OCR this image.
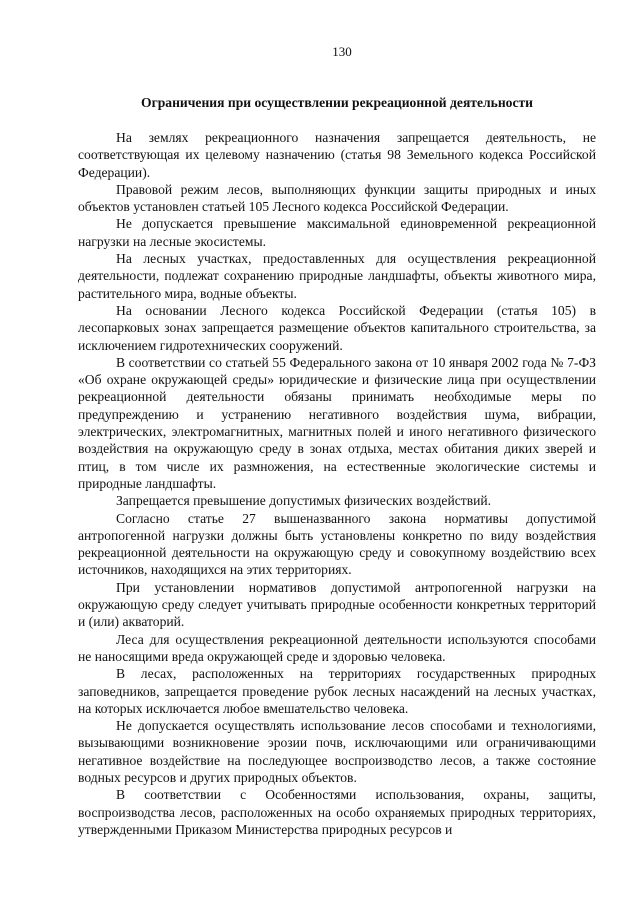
130
Ограничения при осуществлении рекреационной деятельности

На землях рекреационного назначения запрещается деятельность, не соответствующая их целевому назначению (статья 98 Земельного кодекса Российской Федерации).

Правовой режим лесов, выполняющих функции защиты природных и иных объектов установлен статьей 105 Лесного кодекса Российской Федерации.

Не допускается превышение максимальной единовременной рекреационной нагрузки на лесные экосистемы.

На лесных участках, предоставленных для осуществления рекреационной деятельности, подлежат сохранению природные ландшафты, объекты животного мира, растительного мира, водные объекты.

На основании Лесного кодекса Российской Федерации (статья 105) в лесопарковых зонах запрещается размещение объектов капитального строительства, за исключением гидротехнических сооружений.

В соответствии со статьей 55 Федерального закона от 10 января 2002 года № 7-ФЗ «Об охране окружающей среды» юридические и физические лица при осуществлении рекреационной деятельности обязаны принимать необходимые меры по предупреждению и устранению негативного воздействия шума, вибрации, электрических, электромагнитных, магнитных полей и иного негативного физического воздействия на окружающую среду в зонах отдыха, местах обитания диких зверей и птиц, в том числе их размножения, на естественные экологические системы и природные ландшафты.

Запрещается превышение допустимых физических воздействий.

Согласно статье 27 вышеназванного закона нормативы допустимой антропогенной нагрузки должны быть установлены конкретно по виду воздействия рекреационной деятельности на окружающую среду и совокупному воздействию всех источников, находящихся на этих территориях.

При установлении нормативов допустимой антропогенной нагрузки на окружающую среду следует учитывать природные особенности конкретных территорий и (или) акваторий.

Леса для осуществления рекреационной деятельности используются способами не наносящими вреда окружающей среде и здоровью человека.

В лесах, расположенных на территориях государственных природных заповедников, запрещается проведение рубок лесных насаждений на лесных участках, на которых исключается любое вмешательство человека.

Не допускается осуществлять использование лесов способами и технологиями, вызывающими возникновение эрозии почв, исключающими или ограничивающими негативное воздействие на последующее воспроизводство лесов, а также состояние водных ресурсов и других природных объектов.

В соответствии с Особенностями использования, охраны, защиты, воспроизводства лесов, расположенных на особо охраняемых природных территориях, утвержденными Приказом Министерства природных ресурсов и
